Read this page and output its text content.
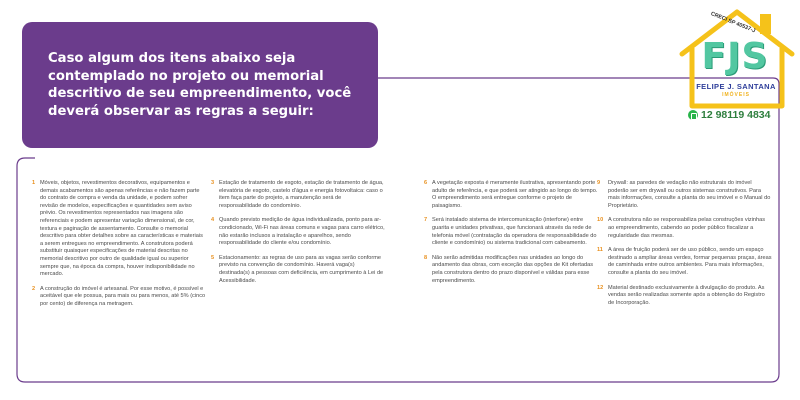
Caso algum dos itens abaixo seja contemplado no projeto ou memorial descritivo de seu empreendimento, você deverá observar as regras a seguir:
FJS
FELIPE J. SANTANA
IMÓVEIS
CRECI SP 40537-J
12 98119 4834
1 Móveis, objetos, revestimentos decorativos, equipamentos e demais acabamentos são apenas referências e não fazem parte do contrato de compra e venda da unidade, e podem sofrer revisão de modelos, especificações e quantidades sem aviso prévio. Os revestimentos representados nas imagens são referenciais e podem apresentar variação dimensional, de cor, textura e paginação de assentamento. Consulte o memorial descritivo para obter detalhes sobre as características e materiais a serem entregues no empreendimento. A construtora poderá substituir quaisquer especificações de material descritas no memorial descritivo por outro de qualidade igual ou superior sempre que, na época da compra, houver indisponibilidade no mercado.
2 A construção do imóvel é artesanal. Por esse motivo, é possível e aceitável que ele possua, para mais ou para menos, até 5% (cinco por cento) de diferença na metragem.
3 Estação de tratamento de esgoto, estação de tratamento de água, elevatória de esgoto, castelo d'água e energia fotovoltaica: caso o item faça parte do projeto, a manutenção será de responsabilidade do condomínio.
4 Quando previsto medição de água individualizada, ponto para ar-condicionado, Wi-Fi nas áreas comuns e vagas para carro elétrico, não estarão inclusos a instalação e aparelhos, sendo responsabilidade do cliente e/ou condomínio.
5 Estacionamento: as regras de uso para as vagas serão conforme previsto na convenção de condomínio. Haverá vaga(s) destinada(s) a pessoas com deficiência, em cumprimento à Lei de Acessibilidade.
6 A vegetação exposta é meramente ilustrativa, apresentando porte adulto de referência, e que poderá ser atingido ao longo do tempo. O empreendimento será entregue conforme o projeto de paisagismo.
7 Será instalado sistema de intercomunicação (interfone) entre guarita e unidades privativas, que funcionará através da rede de telefonia móvel (contratação da operadora de responsabilidade do cliente e condomínio) ou sistema tradicional com cabeamento.
8 Não serão admitidas modificações nas unidades ao longo do andamento das obras, com exceção das opções de Kit ofertadas pela construtora dentro do prazo disponível e válidas para esse empreendimento.
9	Drywall: as paredes de vedação não estruturais do imóvel poderão ser em drywall ou outros sistemas construtivos. Para mais informações, consulte a planta do seu imóvel e o Manual do Proprietário.
10 A construtora não se responsabiliza pelas construções vizinhas ao empreendimento, cabendo ao poder público fiscalizar a regularidade das mesmas.
11 A área de fruição poderá ser de uso público, sendo um espaço destinado a ampliar áreas verdes, formar pequenas praças, áreas de caminhada entre outros ambientes. Para mais informações, consulte a planta do seu imóvel.
12 Material destinado exclusivamente à divulgação do produto. As vendas serão realizadas somente após a obtenção do Registro de Incorporação.
